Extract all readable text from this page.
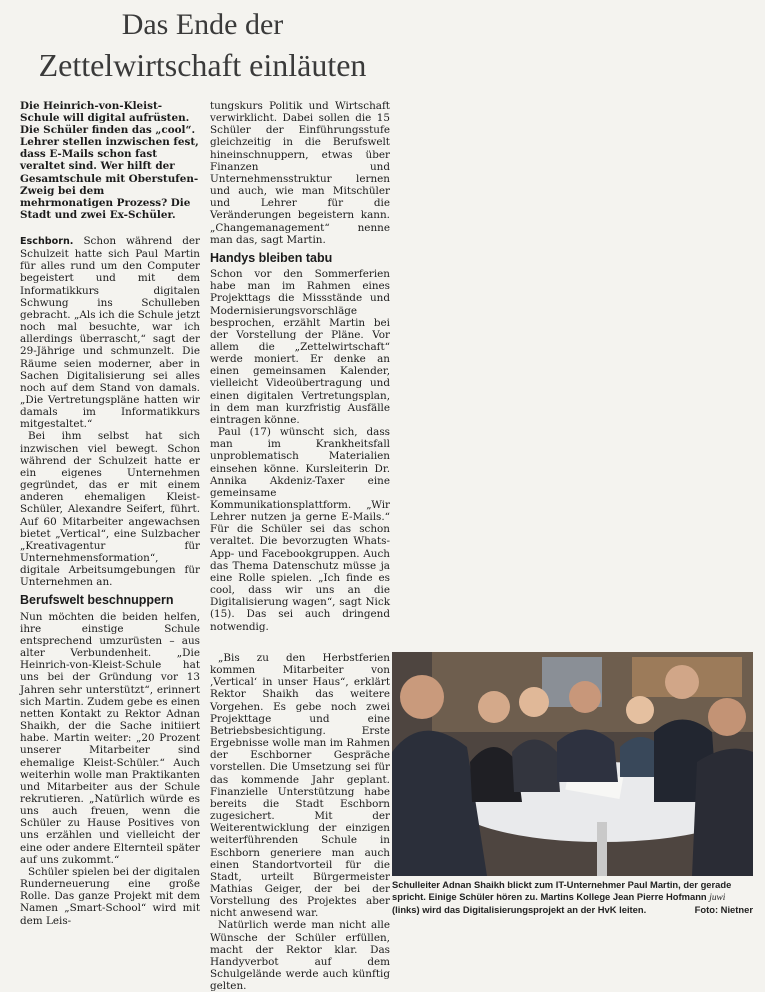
Das Ende der
Zettelwirtschaft einläuten

Die Heinrich-von-Kleist-Schule will digital aufrüsten. Die Schüler finden das „cool“. Lehrer stellen inzwischen fest, dass E-Mails schon fast veraltet sind. Wer hilft der Gesamtschule mit Oberstufen-Zweig bei dem mehrmonatigen Prozess? Die Stadt und zwei Ex-Schüler.

Eschborn. Schon während der Schulzeit hatte sich Paul Martin für alles rund um den Computer begeistert und mit dem Informatikkurs digitalen Schwung ins Schulleben gebracht. „Als ich die Schule jetzt noch mal besuchte, war ich allerdings überrascht,“ sagt der 29-Jährige und schmunzelt. Die Räume seien moderner, aber in Sachen Digitalisierung sei alles noch auf dem Stand von damals. „Die Vertretungspläne hatten wir damals im Informatikkurs mitgestaltet.“

Bei ihm selbst hat sich inzwischen viel bewegt. Schon während der Schulzeit hatte er ein eigenes Unternehmen gegründet, das er mit einem anderen ehemaligen Kleist-Schüler, Alexandre Seifert, führt. Auf 60 Mitarbeiter angewachsen bietet „Vertical“, eine Sulzbacher „Kreativagentur für Unternehmensformation“, digitale Arbeitsumgebungen für Unternehmen an.

Berufswelt beschnuppern

Nun möchten die beiden helfen, ihre einstige Schule entsprechend umzurüsten – aus alter Verbundenheit. „Die Heinrich-von-Kleist-Schule hat uns bei der Gründung vor 13 Jahren sehr unterstützt“, erinnert sich Martin. Zudem gebe es einen netten Kontakt zu Rektor Adnan Shaikh, der die Sache initiiert habe. Martin weiter: „20 Prozent unserer Mitarbeiter sind ehemalige Kleist-Schüler.“ Auch weiterhin wolle man Praktikanten und Mitarbeiter aus der Schule rekrutieren. „Natürlich würde es uns auch freuen, wenn die Schüler zu Hause Positives von uns erzählen und vielleicht der eine oder andere Elternteil später auf uns zukommt.“

Schüler spielen bei der digitalen Runderneuerung eine große Rolle. Das ganze Projekt mit dem Namen „Smart-School“ wird mit dem Leis-

tungskurs Politik und Wirtschaft verwirklicht. Dabei sollen die 15 Schüler der Einführungsstufe gleichzeitig in die Berufswelt hineinschnuppern, etwas über Finanzen und Unternehmensstruktur lernen und auch, wie man Mitschüler und Lehrer für die Veränderungen begeistern kann. „Changemanagement“ nenne man das, sagt Martin.

Handys bleiben tabu

Schon vor den Sommerferien habe man im Rahmen eines Projekttags die Missstände und Modernisierungsvorschläge besprochen, erzählt Martin bei der Vorstellung der Pläne. Vor allem die „Zettelwirtschaft“ werde moniert. Er denke an einen gemeinsamen Kalender, vielleicht Videoübertragung und einen digitalen Vertretungsplan, in dem man kurzfristig Ausfälle eintragen könne.

Paul (17) wünscht sich, dass man im Krankheitsfall unproblematisch Materialien einsehen könne. Kursleiterin Dr. Annika Akdeniz-Taxer eine gemeinsame Kommunikationsplattform. „Wir Lehrer nutzen ja gerne E-Mails.“ Für die Schüler sei das schon veraltet. Die bevorzugten Whats-App- und Facebookgruppen. Auch das Thema Datenschutz müsse ja eine Rolle spielen. „Ich finde es cool, dass wir uns an die Digitalisierung wagen“, sagt Nick (15). Das sei auch dringend notwendig.

„Bis zu den Herbstferien kommen Mitarbeiter von ‚Vertical‘ in unser Haus“, erklärt Rektor Shaikh das weitere Vorgehen. Es gebe noch zwei Projekttage und eine Betriebsbesichtigung. Erste Ergebnisse wolle man im Rahmen der Eschborner Gespräche vorstellen. Die Umsetzung sei für das kommende Jahr geplant. Finanzielle Unterstützung habe bereits die Stadt Eschborn zugesichert. Mit der Weiterentwicklung der einzigen weiterführenden Schule in Eschborn generiere man auch einen Standortvorteil für die Stadt, urteilt Bürgermeister Mathias Geiger, der bei der Vorstellung des Projektes aber nicht anwesend war.

Natürlich werde man nicht alle Wünsche der Schüler erfüllen, macht der Rektor klar. Das Handyverbot auf dem Schulgelände werde auch künftig gelten.

Schulleiter Adnan Shaikh blickt zum IT-Unternehmer Paul Martin, der gerade spricht. Einige Schüler hören zu. Martins Kollege Jean Pierre Hofmann juwi (links) wird das Digitalisierungsprojekt an der HvK leiten.	Foto: Nietner
